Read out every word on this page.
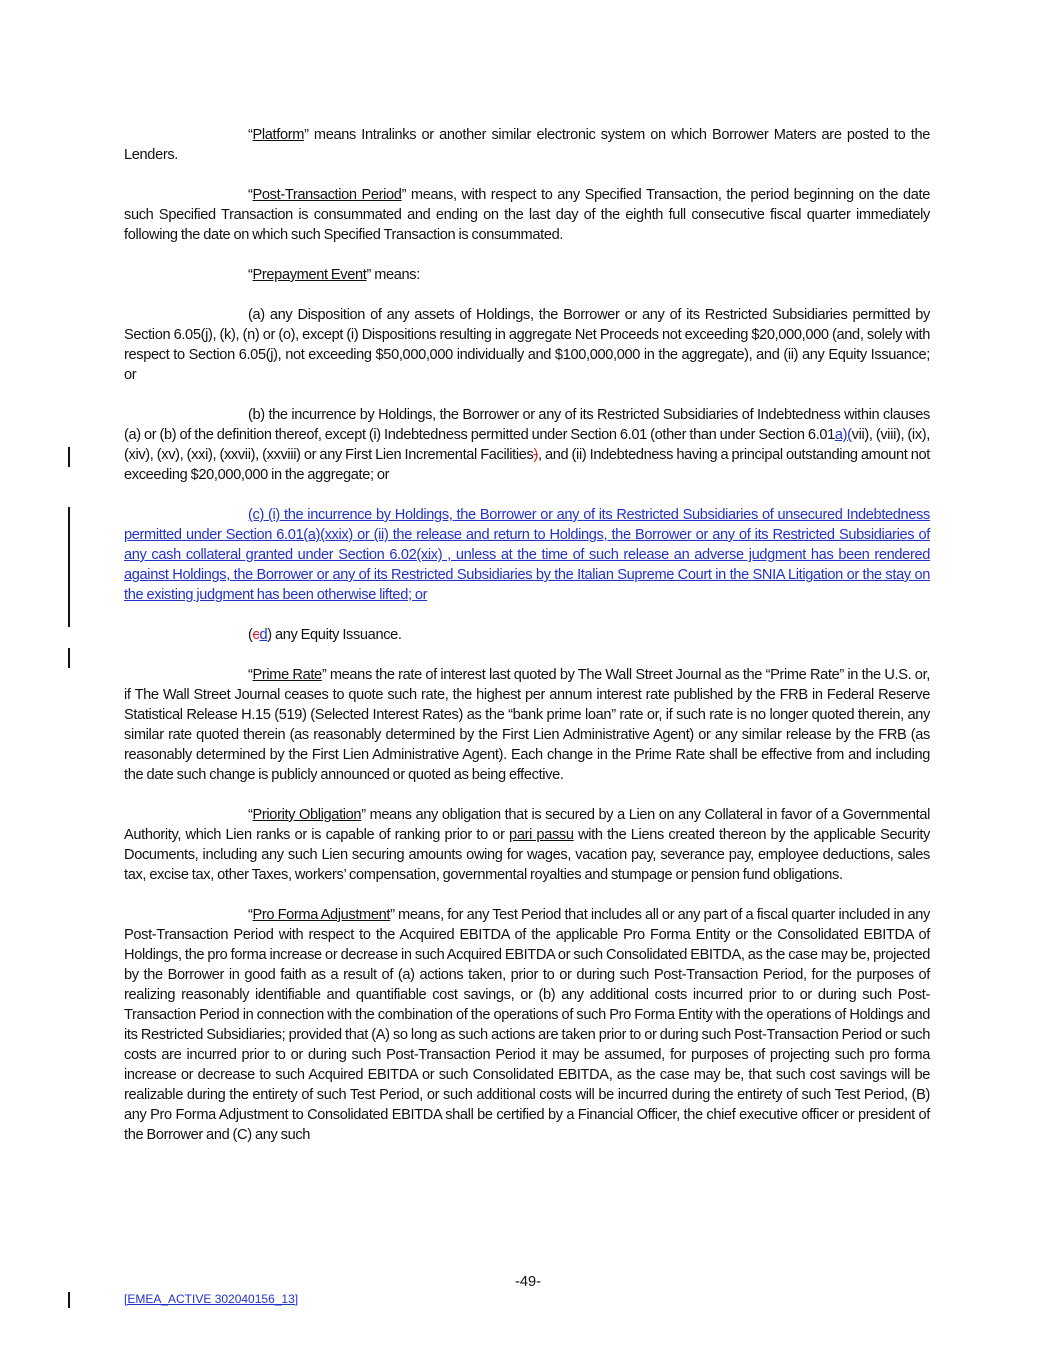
“Platform” means Intralinks or another similar electronic system on which Borrower Maters are posted to the Lenders.

“Post-Transaction Period” means, with respect to any Specified Transaction, the period beginning on the date such Specified Transaction is consummated and ending on the last day of the eighth full consecutive fiscal quarter immediately following the date on which such Specified Transaction is consummated.

“Prepayment Event” means:

(a) any Disposition of any assets of Holdings, the Borrower or any of its Restricted Subsidiaries permitted by Section 6.05(j), (k), (n) or (o), except (i) Dispositions resulting in aggregate Net Proceeds not exceeding $20,000,000 (and, solely with respect to Section 6.05(j), not exceeding $50,000,000 individually and $100,000,000 in the aggregate), and (ii) any Equity Issuance; or

(b) the incurrence by Holdings, the Borrower or any of its Restricted Subsidiaries of Indebtedness within clauses (a) or (b) of the definition thereof, except (i) Indebtedness permitted under Section 6.01 (other than under Section 6.01a)(vii), (viii), (ix), (xiv), (xv), (xxi), (xxvii), (xxviii) or any First Lien Incremental Facilities), and (ii) Indebtedness having a principal outstanding amount not exceeding $20,000,000 in the aggregate; or

(c) (i) the incurrence by Holdings, the Borrower or any of its Restricted Subsidiaries of unsecured Indebtedness permitted under Section 6.01(a)(xxix) or (ii) the release and return to Holdings, the Borrower or any of its Restricted Subsidiaries of any cash collateral granted under Section 6.02(xix) , unless at the time of such release an adverse judgment has been rendered against Holdings, the Borrower or any of its Restricted Subsidiaries by the Italian Supreme Court in the SNIA Litigation or the stay on the existing judgment has been otherwise lifted; or

(cd) any Equity Issuance.

“Prime Rate” means the rate of interest last quoted by The Wall Street Journal as the “Prime Rate” in the U.S. or, if The Wall Street Journal ceases to quote such rate, the highest per annum interest rate published by the FRB in Federal Reserve Statistical Release H.15 (519) (Selected Interest Rates) as the “bank prime loan” rate or, if such rate is no longer quoted therein, any similar rate quoted therein (as reasonably determined by the First Lien Administrative Agent) or any similar release by the FRB (as reasonably determined by the First Lien Administrative Agent). Each change in the Prime Rate shall be effective from and including the date such change is publicly announced or quoted as being effective.

“Priority Obligation” means any obligation that is secured by a Lien on any Collateral in favor of a Governmental Authority, which Lien ranks or is capable of ranking prior to or pari passu with the Liens created thereon by the applicable Security Documents, including any such Lien securing amounts owing for wages, vacation pay, severance pay, employee deductions, sales tax, excise tax, other Taxes, workers’ compensation, governmental royalties and stumpage or pension fund obligations.

“Pro Forma Adjustment” means, for any Test Period that includes all or any part of a fiscal quarter included in any Post-Transaction Period with respect to the Acquired EBITDA of the applicable Pro Forma Entity or the Consolidated EBITDA of Holdings, the pro forma increase or decrease in such Acquired EBITDA or such Consolidated EBITDA, as the case may be, projected by the Borrower in good faith as a result of (a) actions taken, prior to or during such Post-Transaction Period, for the purposes of realizing reasonably identifiable and quantifiable cost savings, or (b) any additional costs incurred prior to or during such Post-Transaction Period in connection with the combination of the operations of such Pro Forma Entity with the operations of Holdings and its Restricted Subsidiaries; provided that (A) so long as such actions are taken prior to or during such Post-Transaction Period or such costs are incurred prior to or during such Post-Transaction Period it may be assumed, for purposes of projecting such pro forma increase or decrease to such Acquired EBITDA or such Consolidated EBITDA, as the case may be, that such cost savings will be realizable during the entirety of such Test Period, or such additional costs will be incurred during the entirety of such Test Period, (B) any Pro Forma Adjustment to Consolidated EBITDA shall be certified by a Financial Officer, the chief executive officer or president of the Borrower and (C) any such

-49-
[EMEA_ACTIVE 302040156_13]
